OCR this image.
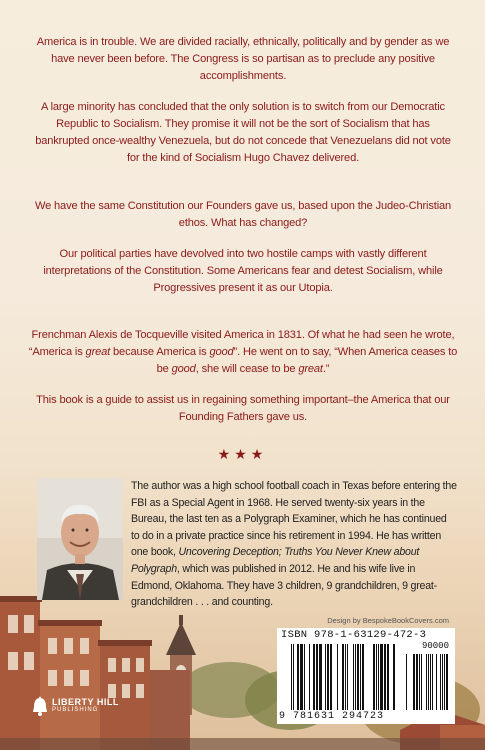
America is in trouble. We are divided racially, ethnically, politically and by gender as we have never been before. The Congress is so partisan as to preclude any positive accomplishments.
A large minority has concluded that the only solution is to switch from our Democratic Republic to Socialism. They promise it will not be the sort of Socialism that has bankrupted once-wealthy Venezuela, but do not concede that Venezuelans did not vote for the kind of Socialism Hugo Chavez delivered.
We have the same Constitution our Founders gave us, based upon the Judeo-Christian ethos. What has changed?
Our political parties have devolved into two hostile camps with vastly different interpretations of the Constitution. Some Americans fear and detest Socialism, while Progressives present it as our Utopia.
Frenchman Alexis de Tocqueville visited America in 1831. Of what he had seen he wrote, “America is great because America is good”. He went on to say, “When America ceases to be good, she will cease to be great.”
This book is a guide to assist us in regaining something important–the America that our Founding Fathers gave us.
★★★
The author was a high school football coach in Texas before entering the FBI as a Special Agent in 1968. He served twenty-six years in the Bureau, the last ten as a Polygraph Examiner, which he has continued to do in a private practice since his retirement in 1994. He has written one book, Uncovering Deception; Truths You Never Knew about Polygraph, which was published in 2012. He and his wife live in Edmond, Oklahoma. They have 3 children, 9 grandchildren, 9 great-grandchildren . . . and counting.
Design by BespokeBookCovers.com
ISBN 978-1-63129-472-3
90000
9 781631 294723
LIBERTY HILL
PUBLISHING
